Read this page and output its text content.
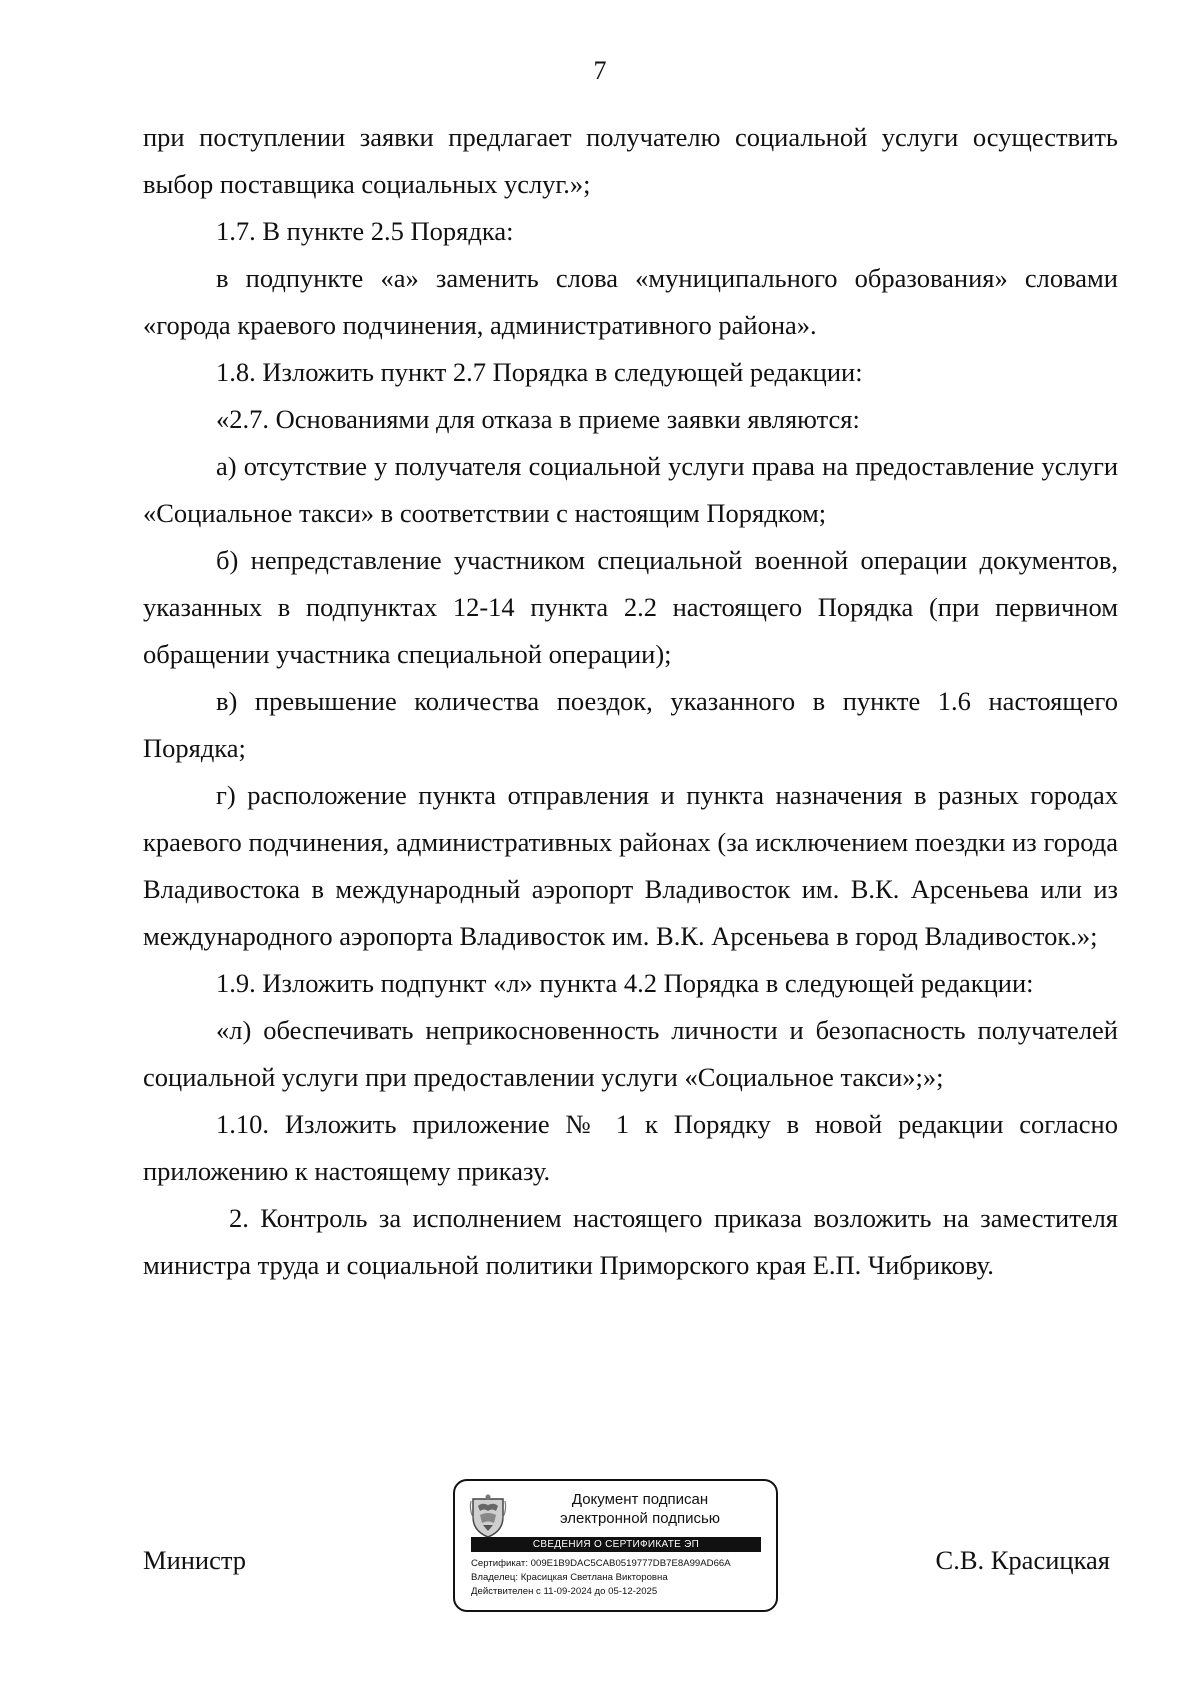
7

при поступлении заявки предлагает получателю социальной услуги осуществить выбор поставщика социальных услуг.»;

1.7. В пункте 2.5 Порядка:

в подпункте «а» заменить слова «муниципального образования» словами «города краевого подчинения, административного района».

1.8. Изложить пункт 2.7 Порядка в следующей редакции:

«2.7. Основаниями для отказа в приеме заявки являются:

а) отсутствие у получателя социальной услуги права на предоставление услуги «Социальное такси» в соответствии с настоящим Порядком;

б) непредставление участником специальной военной операции документов, указанных в подпунктах 12-14 пункта 2.2 настоящего Порядка (при первичном обращении участника специальной операции);

в) превышение количества поездок, указанного в пункте 1.6 настоящего Порядка;

г) расположение пункта отправления и пункта назначения в разных городах краевого подчинения, административных районах (за исключением поездки из города Владивостока в международный аэропорт Владивосток им. В.К. Арсеньева или из международного аэропорта Владивосток им. В.К. Арсеньева в город Владивосток.»;

1.9. Изложить подпункт «л» пункта 4.2 Порядка в следующей редакции:

«л) обеспечивать неприкосновенность личности и безопасность получателей социальной услуги при предоставлении услуги «Социальное такси»;»;

1.10. Изложить приложение № 1 к Порядку в новой редакции согласно приложению к настоящему приказу.

2. Контроль за исполнением настоящего приказа возложить на заместителя министра труда и социальной политики Приморского края Е.П. Чибрикову.

Министр	С.В. Красицкая
Документ подписан
электронной подписью
СВЕДЕНИЯ О СЕРТИФИКАТЕ ЭП
Сертификат: 009E1B9DAC5CAB0519777DB7E8A99AD66A
Владелец: Красицкая Светлана Викторовна
Действителен с 11-09-2024 до 05-12-2025
